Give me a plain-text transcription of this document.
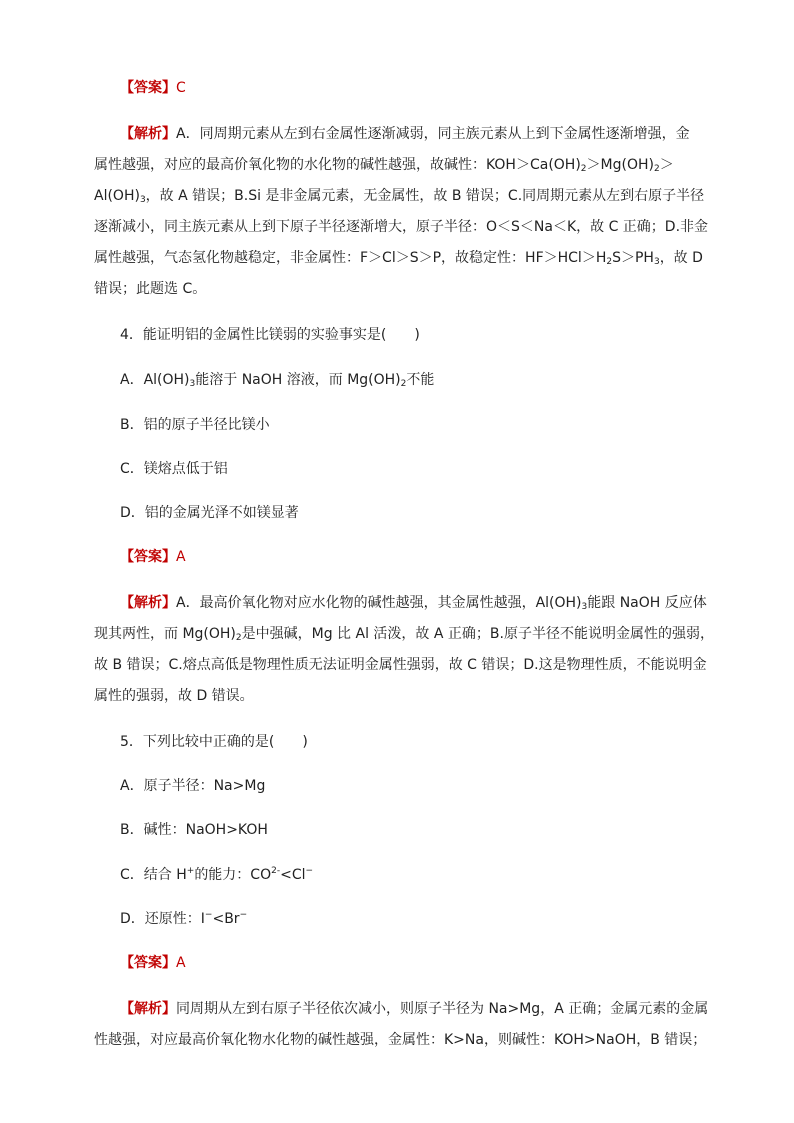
【答案】C
【解析】A．同周期元素从左到右金属性逐渐减弱，同主族元素从上到下金属性逐渐增强，金
属性越强，对应的最高价氧化物的水化物的碱性越强，故碱性：$KOH>Ca(OH)_2>Mg(OH)_2>$
$Al(OH)_3$，故 A 错误；B.Si 是非金属元素，无金属性，故 B 错误；C.同周期元素从左到右原子半径
逐渐减小，同主族元素从上到下原子半径逐渐增大，原子半径：O＜S＜Na＜K，故 C 正确；D.非金
属性越强，气态氢化物越稳定，非金属性：F＞Cl＞S＞P，故稳定性：$HF>HCl>H_2S>PH_3$，故 D
错误；此题选 C。
4．能证明铝的金属性比镁弱的实验事实是(　　)
A．$Al(OH)_3$能溶于 NaOH 溶液，而 $Mg(OH)_2$不能
B．铝的原子半径比镁小
C．镁熔点低于铝
D．铝的金属光泽不如镁显著
【答案】A
【解析】A．最高价氧化物对应水化物的碱性越强，其金属性越强，$Al(OH)_3$能跟 NaOH 反应体
现其两性，而 $Mg(OH)_2$是中强碱，Mg 比 Al 活泼，故 A 正确；B.原子半径不能说明金属性的强弱，
故 B 错误；C.熔点高低是物理性质无法证明金属性强弱，故 C 错误；D.这是物理性质，不能说明金
属性的强弱，故 D 错误。
5．下列比较中正确的是(　　)
A．原子半径：Na>Mg
B．碱性：NaOH>KOH
C．结合 H+的能力：$CO^{2-}<Cl^-$
D．还原性：I−<Br−
【答案】A
【解析】同周期从左到右原子半径依次减小，则原子半径为 Na>Mg，A 正确；金属元素的金属
性越强，对应最高价氧化物水化物的碱性越强，金属性：K>Na，则碱性：KOH>NaOH，B 错误；
